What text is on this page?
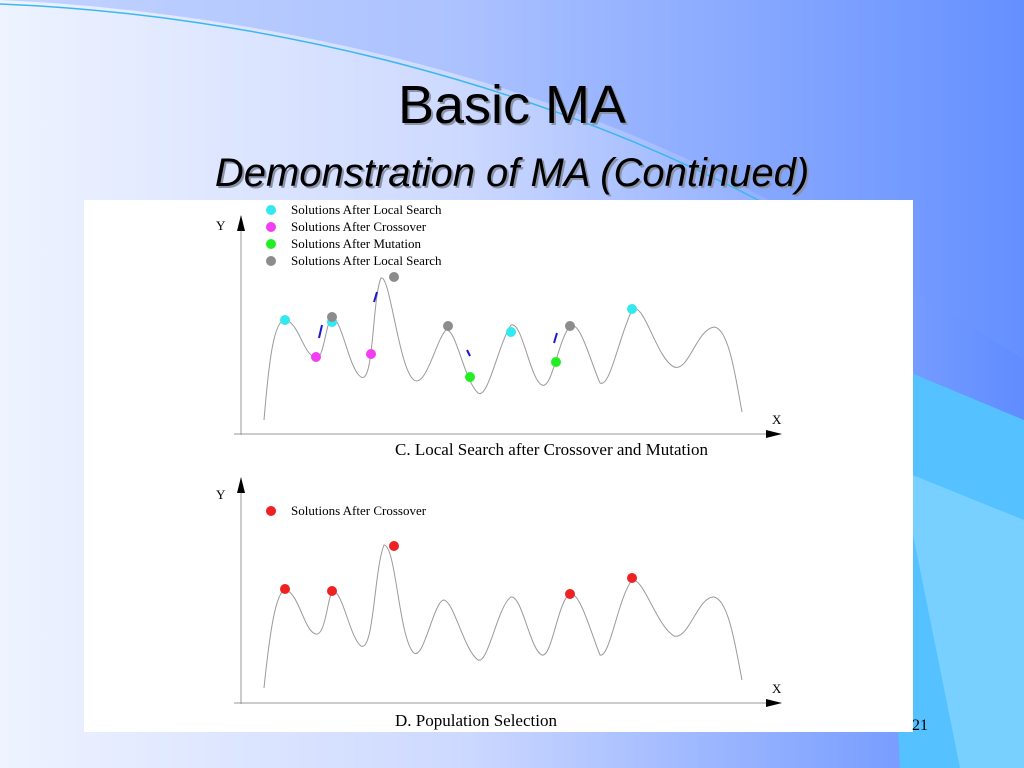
Basic MA
Demonstration of MA (Continued)
Y
X
Solutions After Local Search
Solutions After Crossover
Solutions After Mutation
Solutions After Local Search
C. Local Search after Crossover and Mutation
Y
X
Solutions After Crossover
D. Population Selection	21
